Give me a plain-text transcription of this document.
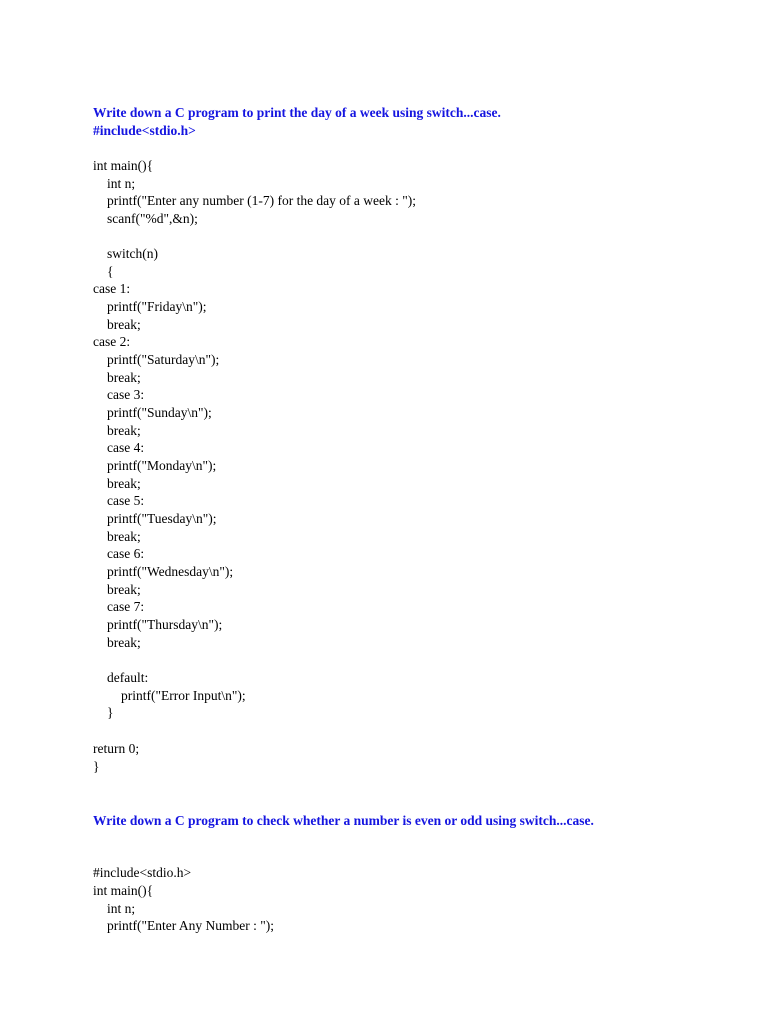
Write down a C program to print the day of a week using switch...case.
#include<stdio.h>
int main(){
int n;
printf("Enter any number (1-7) for the day of a week : ");
scanf("%d",&n);
switch(n)
{
case 1:
printf("Friday\n");
break;
case 2:
printf("Saturday\n");
break;
case 3:
printf("Sunday\n");
break;
case 4:
printf("Monday\n");
break;
case 5:
printf("Tuesday\n");
break;
case 6:
printf("Wednesday\n");
break;
case 7:
printf("Thursday\n");
break;
default:
printf("Error Input\n");
}
return 0;
}
Write down a C program to check whether a number is even or odd using switch...case.
#include<stdio.h>
int main(){
int n;
printf("Enter Any Number : ");
